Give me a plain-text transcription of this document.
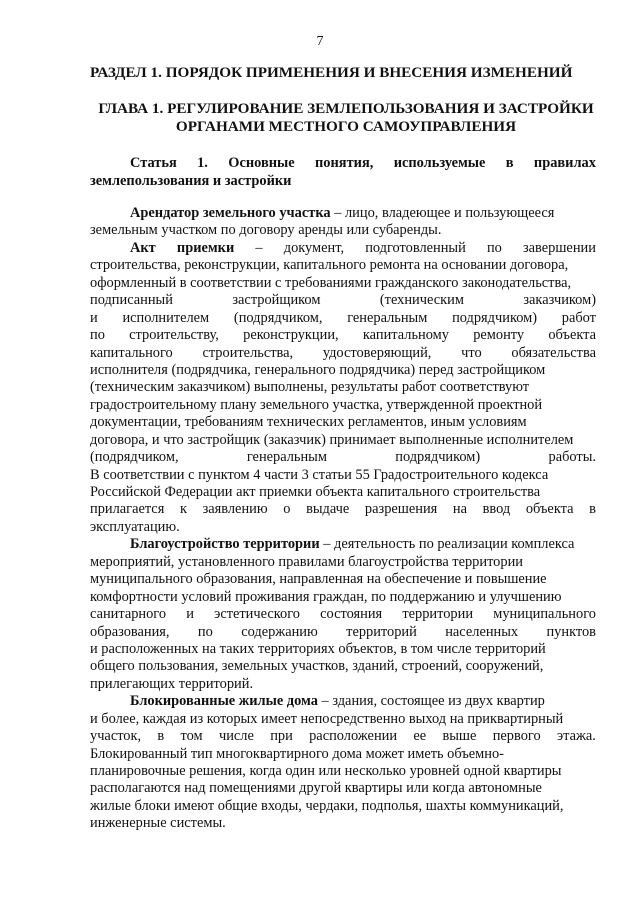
7
РАЗДЕЛ 1. ПОРЯДОК ПРИМЕНЕНИЯ И ВНЕСЕНИЯ ИЗМЕНЕНИЙ
ГЛАВА 1. РЕГУЛИРОВАНИЕ ЗЕМЛЕПОЛЬЗОВАНИЯ И ЗАСТРОЙКИ
ОРГАНАМИ МЕСТНОГО САМОУПРАВЛЕНИЯ
Статья 1. Основные понятия, используемые в правилах
землепользования и застройки
Арендатор земельного участка – лицо, владеющее и пользующееся
земельным участком по договору аренды или субаренды.
Акт приемки – документ, подготовленный по завершении
строительства, реконструкции, капитального ремонта на основании договора,
оформленный в соответствии с требованиями гражданского законодательства,
подписанный	застройщиком	(техническим	заказчиком)
и исполнителем (подрядчиком, генеральным подрядчиком) работ
по строительству, реконструкции, капитальному ремонту объекта
капитального строительства, удостоверяющий, что обязательства
исполнителя (подрядчика, генерального подрядчика) перед застройщиком
(техническим заказчиком) выполнены, результаты работ соответствуют
градостроительному плану земельного участка, утвержденной проектной
документации, требованиям технических регламентов, иным условиям
договора, и что застройщик (заказчик) принимает выполненные исполнителем
(подрядчиком,	генеральным	подрядчиком)	работы.
В соответствии с пунктом 4 части 3 статьи 55 Градостроительного кодекса
Российской Федерации акт приемки объекта капитального строительства
прилагается к заявлению о выдаче разрешения на ввод объекта в
эксплуатацию.
Благоустройство территории – деятельность по реализации комплекса
мероприятий, установленного правилами благоустройства территории
муниципального образования, направленная на обеспечение и повышение
комфортности условий проживания граждан, по поддержанию и улучшению
санитарного и эстетического состояния территории муниципального
образования, по содержанию территорий населенных пунктов
и расположенных на таких территориях объектов, в том числе территорий
общего пользования, земельных участков, зданий, строений, сооружений,
прилегающих территорий.
Блокированные жилые дома – здания, состоящее из двух квартир
и более, каждая из которых имеет непосредственно выход на приквартирный
участок, в том числе при расположении ее выше первого этажа.
Блокированный тип многоквартирного дома может иметь объемно-
планировочные решения, когда один или несколько уровней одной квартиры
располагаются над помещениями другой квартиры или когда автономные
жилые блоки имеют общие входы, чердаки, подполья, шахты коммуникаций,
инженерные системы.
